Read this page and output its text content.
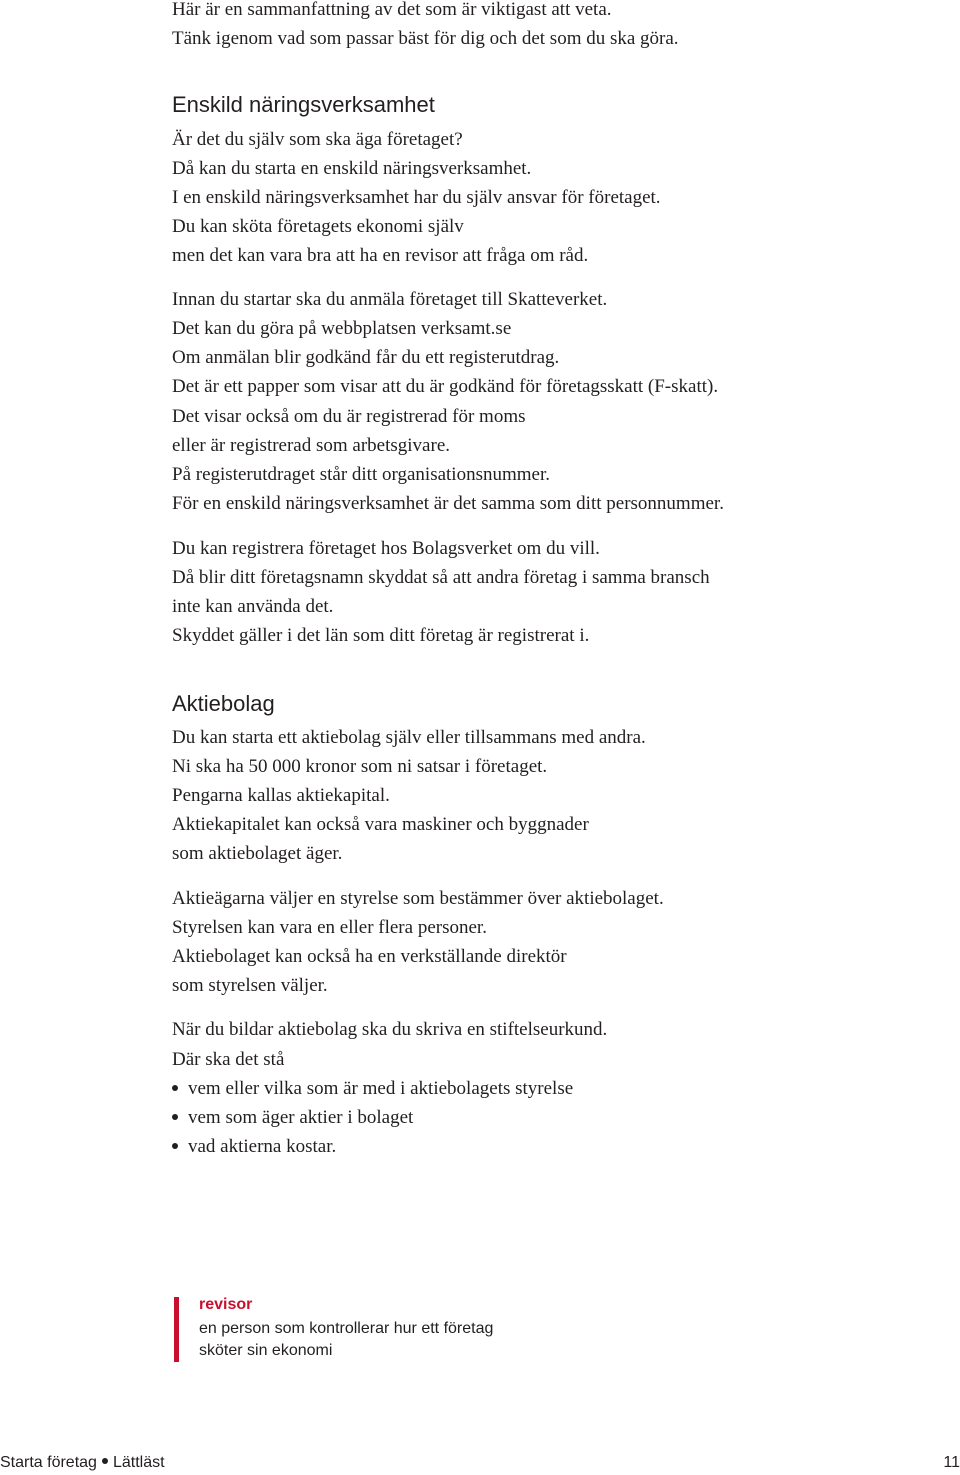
Här är en sammanfattning av det som är viktigast att veta.
Tänk igenom vad som passar bäst för dig och det som du ska göra.
Enskild näringsverksamhet
Är det du själv som ska äga företaget?
Då kan du starta en enskild näringsverksamhet.
I en enskild näringsverksamhet har du själv ansvar för företaget.
Du kan sköta företagets ekonomi själv
men det kan vara bra att ha en revisor att fråga om råd.
Innan du startar ska du anmäla företaget till Skatteverket.
Det kan du göra på webbplatsen verksamt.se
Om anmälan blir godkänd får du ett registerutdrag.
Det är ett papper som visar att du är godkänd för företagsskatt (F-skatt).
Det visar också om du är registrerad för moms
eller är registrerad som arbetsgivare.
På registerutdraget står ditt organisationsnummer.
För en enskild näringsverksamhet är det samma som ditt personnummer.
Du kan registrera företaget hos Bolagsverket om du vill.
Då blir ditt företagsnamn skyddat så att andra företag i samma bransch
inte kan använda det.
Skyddet gäller i det län som ditt företag är registrerat i.
Aktiebolag
Du kan starta ett aktiebolag själv eller tillsammans med andra.
Ni ska ha 50 000 kronor som ni satsar i företaget.
Pengarna kallas aktiekapital.
Aktiekapitalet kan också vara maskiner och byggnader
som aktiebolaget äger.
Aktieägarna väljer en styrelse som bestämmer över aktiebolaget.
Styrelsen kan vara en eller flera personer.
Aktiebolaget kan också ha en verkställande direktör
som styrelsen väljer.
När du bildar aktiebolag ska du skriva en stiftelseurkund.
Där ska det stå
vem eller vilka som är med i aktiebolagets styrelse
vem som äger aktier i bolaget
vad aktierna kostar.
revisor
en person som kontrollerar hur ett företag
sköter sin ekonomi
Starta företag Lättläst	11
